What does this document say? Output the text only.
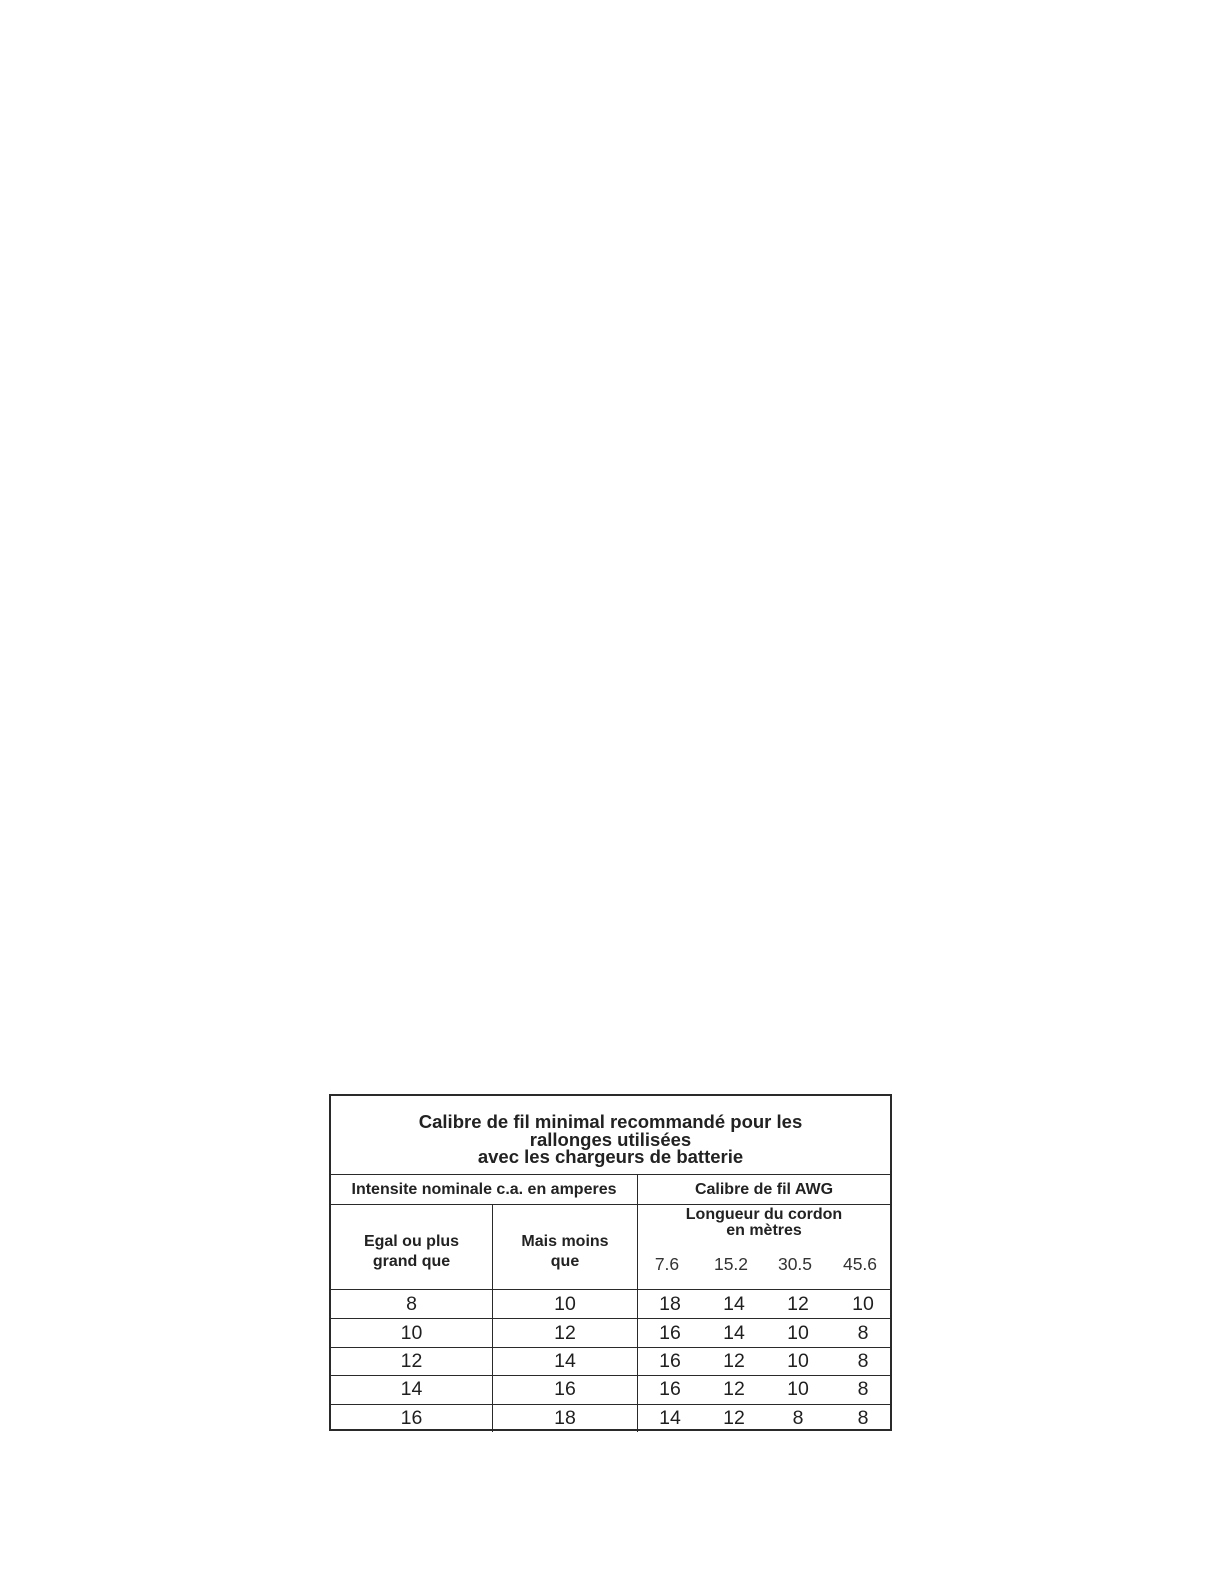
Calibre de fil minimal recommandé pour les
rallonges utilisées
avec les chargeurs de batterie
Intensite nominale c.a. en amperes	Calibre de fil AWG
Egal ou plus
grand que
Mais moins
que
Longueur du cordon
en mètres
7.6	15.2	30.5	45.6
8	10	18	14	12	10
10	12	16	14	10	8
12	14	16	12	10	8
14	16	16	12	10	8
16	18	14	12	8	8
